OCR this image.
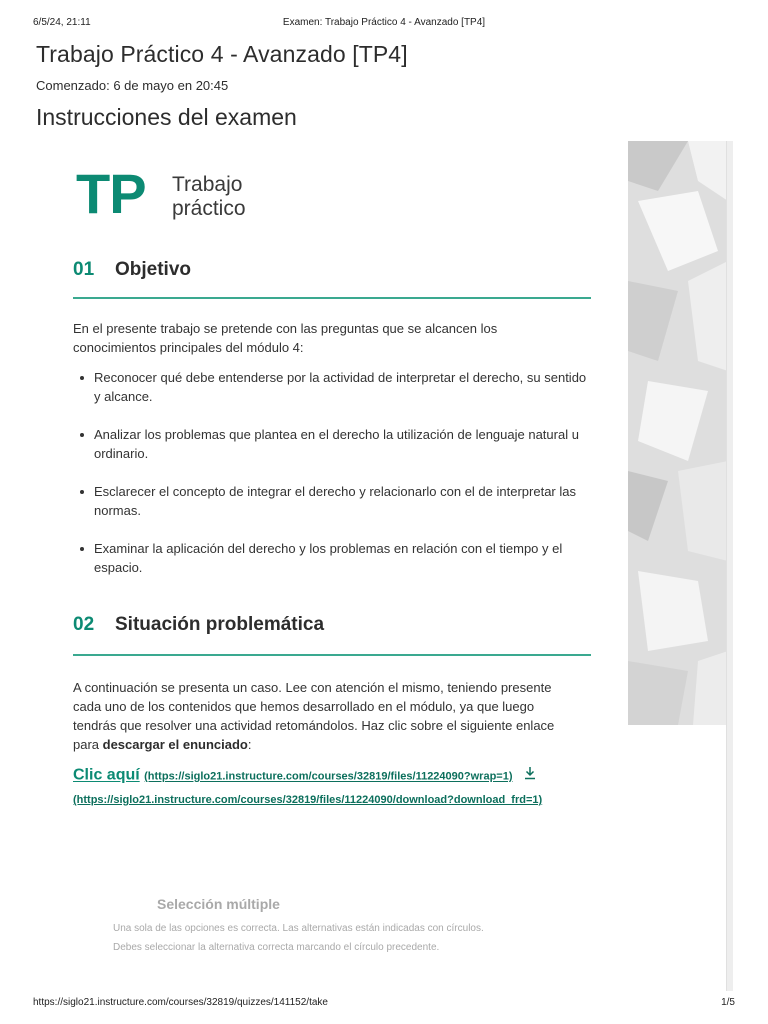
6/5/24, 21:11	Examen: Trabajo Práctico 4 - Avanzado [TP4]
Trabajo Práctico 4 - Avanzado [TP4]
Comenzado: 6 de mayo en 20:45
Instrucciones del examen
TP Trabajo
práctico
01 Objetivo

En el presente trabajo se pretende con las preguntas que se alcancen los conocimientos principales del módulo 4:

Reconocer qué debe entenderse por la actividad de interpretar el derecho, su sentido y alcance.
Analizar los problemas que plantea en el derecho la utilización de lenguaje natural u ordinario.
Esclarecer el concepto de integrar el derecho y relacionarlo con el de interpretar las normas.
Examinar la aplicación del derecho y los problemas en relación con el tiempo y el espacio.
02 Situación problemática

A continuación se presenta un caso. Lee con atención el mismo, teniendo presente cada uno de los contenidos que hemos desarrollado en el módulo, ya que luego tendrás que resolver una actividad retomándolos. Haz clic sobre el siguiente enlace para descargar el enunciado:

Clic aquí (https://siglo21.instructure.com/courses/32819/files/11224090?wrap=1)
(https://siglo21.instructure.com/courses/32819/files/11224090/download?download_frd=1)
Selección múltiple
Una sola de las opciones es correcta. Las alternativas están indicadas con círculos.
Debes seleccionar la alternativa correcta marcando el círculo precedente.
https://siglo21.instructure.com/courses/32819/quizzes/141152/take	1/5
